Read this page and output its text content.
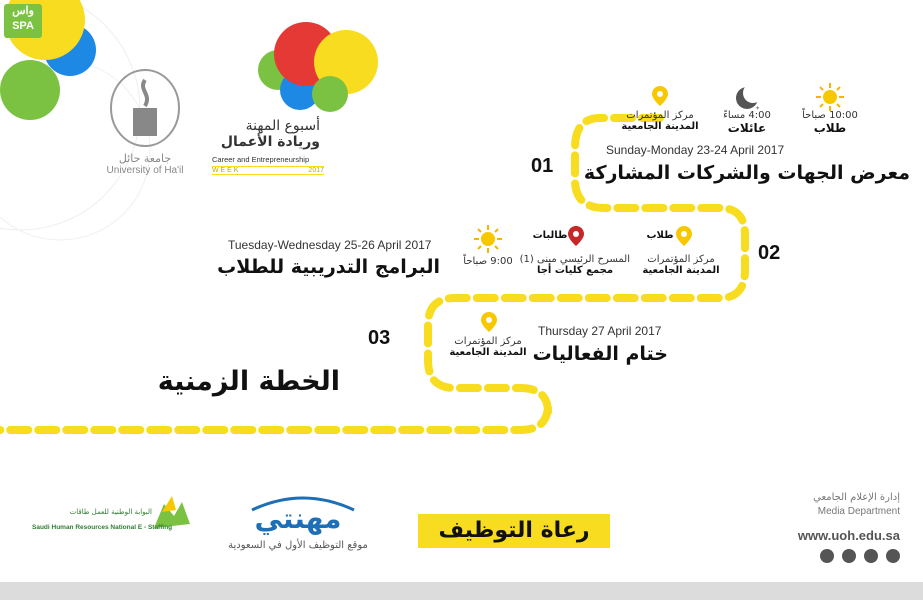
واس
SPA
جامعة حائل
University of Ha'il
أسبوع المهنة
وريادة الأعمال
Career and Entrepreneurship
W E E K	2017	01
Sunday-Monday 23-24 April 2017
معرض الجهات والشركات المشاركة
مركز المؤتمرات
المدينة الجامعية
✦
4:00 مساءً
عائلات
10:00 صباحاً
طلاب
02
Tuesday-Wednesday 25-26 April 2017
البرامج التدريبية للطلاب 9:00 صباحاً
طالبات
المسرح الرئيسي مبنى (1)
مجمع كليات أجا
طلاب
مركز المؤتمرات
المدينة الجامعية
03	Thursday 27 April 2017
ختام الفعاليات
مركز المؤتمرات
المدينة الجامعية
الخطة الزمنية
البوابة الوطنية للعمل طاقات
Saudi Human Resources National E - Staffing	مهنتي
موقع التوظيف الأول في السعودية
رعاة التوظيف
إدارة الإعلام الجامعي
Media Department
www.uoh.edu.sa
